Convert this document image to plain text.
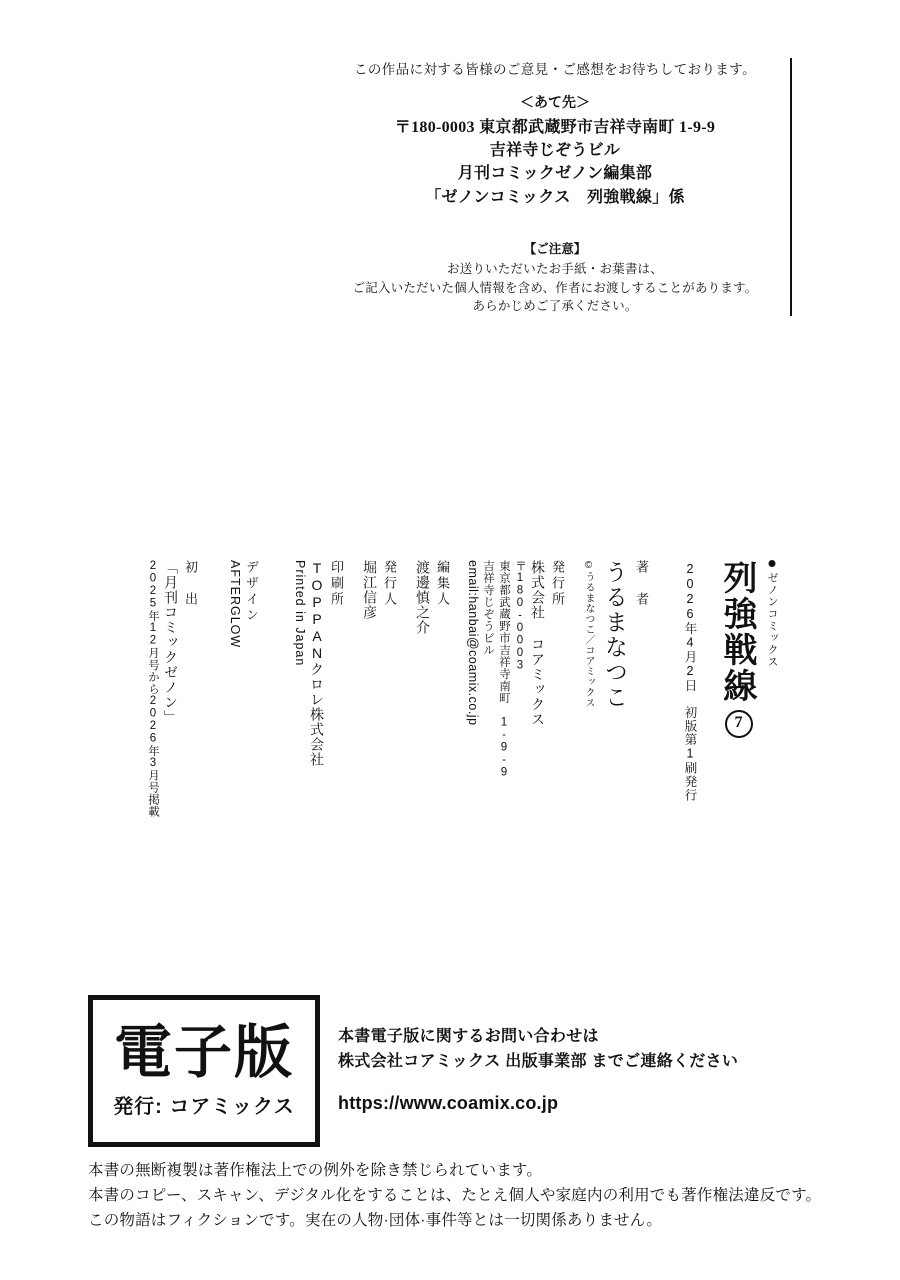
この作品に対する皆様のご意見・ご感想をお待ちしております。
＜あて先＞
〒180-0003 東京都武蔵野市吉祥寺南町 1-9-9
吉祥寺じぞうビル
月刊コミックゼノン編集部
「ゼノンコミックス　列強戦線」係
【ご注意】
お送りいただいたお手紙・お葉書は、
ご記入いただいた個人情報を含め、作者にお渡しすることがあります。
あらかじめご了承ください。
ゼノンコミックス
列強戦線
7
2026年4月2日　初版第1刷発行
著　者
うるまなつこ
©うるまなつこ／コアミックス
発行所
株式会社 コアミックス
〒180-0003
東京都武蔵野市吉祥寺南町 1-9-9
吉祥寺じぞうビル
email:hanbai@coamix.co.jp
編集人
渡邊慎之介
発行人
堀江信彦
印刷所
TOPPANクロレ株式会社
Printed in Japan
デザイン
AFTERGLOW
初　出
「月刊コミックゼノン」
2025年12月号から2026年3月号掲載
電子版
発行: コアミックス
本書電子版に関するお問い合わせは
株式会社コアミックス 出版事業部 までご連絡ください
https://www.coamix.co.jp
本書の無断複製は著作権法上での例外を除き禁じられています。
本書のコピー、スキャン、デジタル化をすることは、たとえ個人や家庭内の利用でも著作権法違反です。
この物語はフィクションです。実在の人物·団体·事件等とは一切関係ありません。
